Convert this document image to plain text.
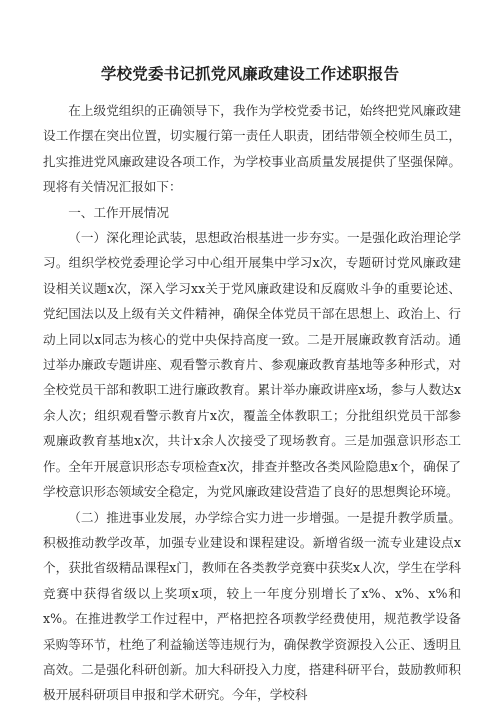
学校党委书记抓党风廉政建设工作述职报告

在上级党组织的正确领导下，我作为学校党委书记，始终把党风廉政建设工作摆在突出位置，切实履行第一责任人职责，团结带领全校师生员工，扎实推进党风廉政建设各项工作，为学校事业高质量发展提供了坚强保障。现将有关情况汇报如下：

一、工作开展情况

（一）深化理论武装，思想政治根基进一步夯实。一是强化政治理论学习。组织学校党委理论学习中心组开展集中学习x次，专题研讨党风廉政建设相关议题x次，深入学习xx关于党风廉政建设和反腐败斗争的重要论述、党纪国法以及上级有关文件精神，确保全体党员干部在思想上、政治上、行动上同以x同志为核心的党中央保持高度一致。二是开展廉政教育活动。通过举办廉政专题讲座、观看警示教育片、参观廉政教育基地等多种形式，对全校党员干部和教职工进行廉政教育。累计举办廉政讲座x场，参与人数达x余人次；组织观看警示教育片x次，覆盖全体教职工；分批组织党员干部参观廉政教育基地x次，共计x余人次接受了现场教育。三是加强意识形态工作。全年开展意识形态专项检查x次，排查并整改各类风险隐患x个，确保了学校意识形态领域安全稳定，为党风廉政建设营造了良好的思想舆论环境。

（二）推进事业发展，办学综合实力进一步增强。一是提升教学质量。积极推动教学改革，加强专业建设和课程建设。新增省级一流专业建设点x个，获批省级精品课程x门，教师在各类教学竞赛中获奖x人次，学生在学科竞赛中获得省级以上奖项x项，较上一年度分别增长了x%、x%、x%和x%。在推进教学工作过程中，严格把控各项教学经费使用，规范教学设备采购等环节，杜绝了利益输送等违规行为，确保教学资源投入公正、透明且高效。二是强化科研创新。加大科研投入力度，搭建科研平台，鼓励教师积极开展科研项目申报和学术研究。今年，学校科
